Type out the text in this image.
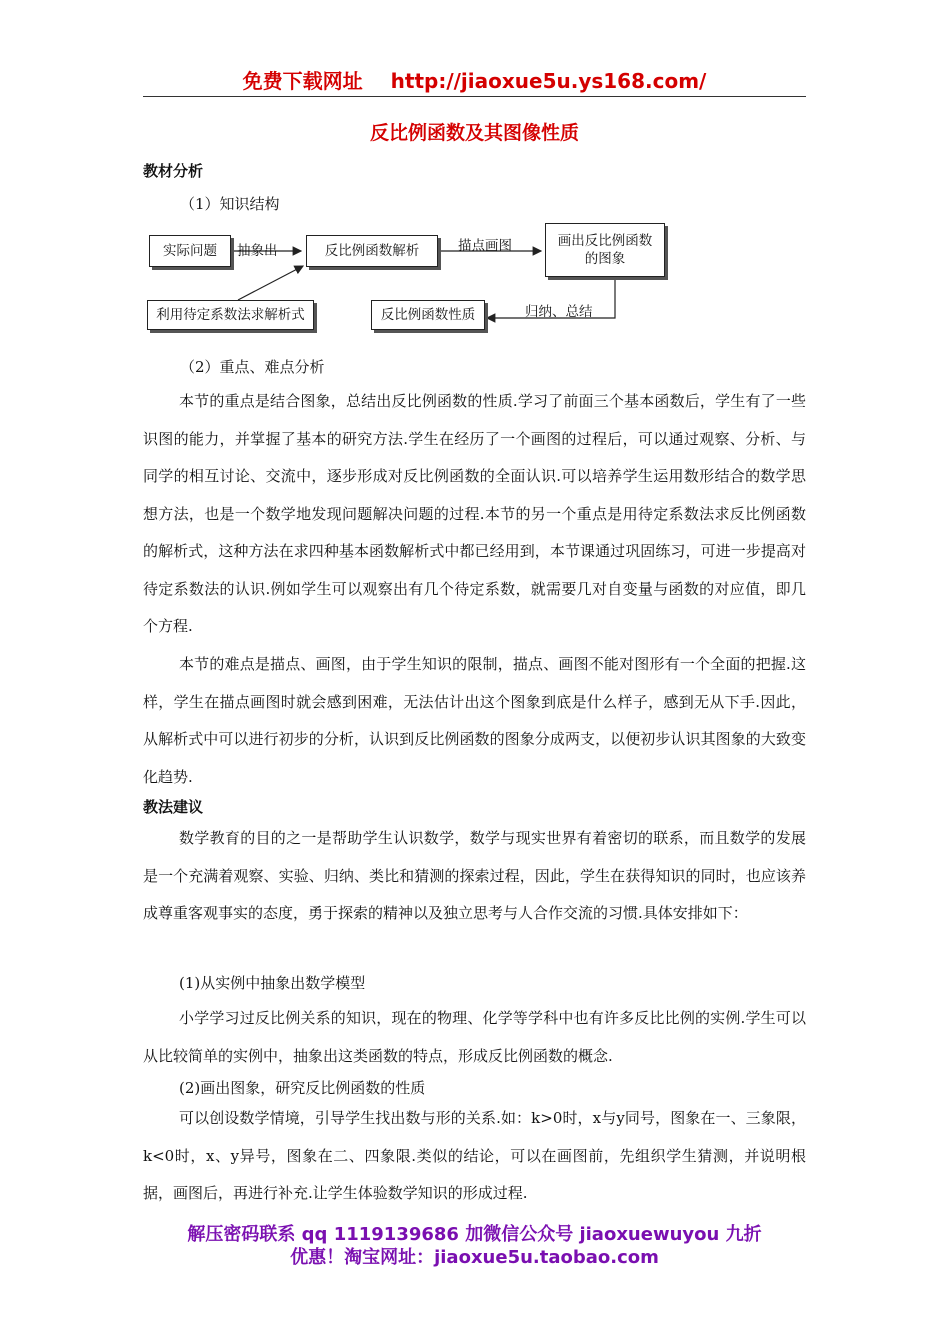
免费下载网址 http://jiaoxue5u.ys168.com/
反比例函数及其图像性质
教材分析
（1）知识结构
实际问题	抽象出	反比例函数解析	描点画图	画出反比例函数
的图象
利用待定系数法求解析式	反比例函数性质	归纳、总结
（2）重点、难点分析

本节的重点是结合图象，总结出反比例函数的性质.学习了前面三个基本函数后，学生有了一些识图的能力，并掌握了基本的研究方法.学生在经历了一个画图的过程后，可以通过观察、分析、与同学的相互讨论、交流中，逐步形成对反比例函数的全面认识.可以培养学生运用数形结合的数学思想方法，也是一个数学地发现问题解决问题的过程.本节的另一个重点是用待定系数法求反比例函数的解析式，这种方法在求四种基本函数解析式中都已经用到，本节课通过巩固练习，可进一步提高对待定系数法的认识.例如学生可以观察出有几个待定系数，就需要几对自变量与函数的对应值，即几个方程.

本节的难点是描点、画图，由于学生知识的限制，描点、画图不能对图形有一个全面的把握.这样，学生在描点画图时就会感到困难，无法估计出这个图象到底是什么样子，感到无从下手.因此，从解析式中可以进行初步的分析，认识到反比例函数的图象分成两支，以便初步认识其图象的大致变化趋势.

教法建议

数学教育的目的之一是帮助学生认识数学，数学与现实世界有着密切的联系，而且数学的发展是一个充满着观察、实验、归纳、类比和猜测的探索过程，因此，学生在获得知识的同时，也应该养成尊重客观事实的态度，勇于探索的精神以及独立思考与人合作交流的习惯.具体安排如下：

(1)从实例中抽象出数学模型

小学学习过反比例关系的知识，现在的物理、化学等学科中也有许多反比比例的实例.学生可以从比较简单的实例中，抽象出这类函数的特点，形成反比例函数的概念.

(2)画出图象，研究反比例函数的性质

可以创设数学情境，引导学生找出数与形的关系.如：k>0时，x与y同号，图象在一、三象限，k<0时，x、y异号，图象在二、四象限.类似的结论，可以在画图前，先组织学生猜测，并说明根据，画图后，再进行补充.让学生体验数学知识的形成过程.

解压密码联系 qq 1119139686 加微信公众号 jiaoxuewuyou 九折
优惠！淘宝网址：jiaoxue5u.taobao.com
